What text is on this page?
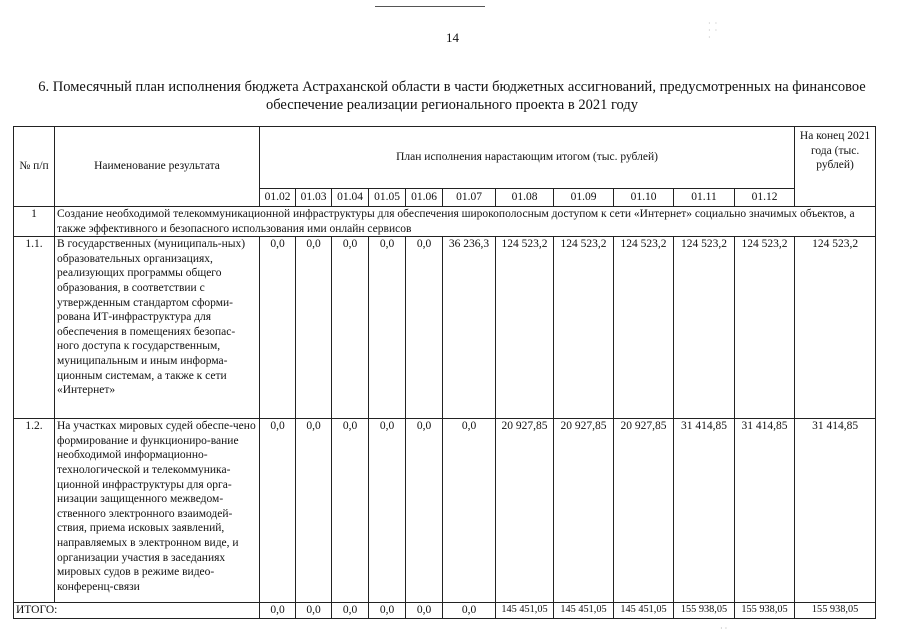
· ·
· ·
·
14
6. Помесячный план исполнения бюджета Астраханской области в части бюджетных ассигнований, предусмотренных на финансовое
обеспечение реализации регионального проекта в 2021 году
№ п/п	Наименование результата	План исполнения нарастающим итогом (тыс. рублей)											На конец 2021 года (тыс. рублей)
		01.02	01.03	01.04	01.05	01.06	01.07	01.08	01.09	01.10	01.11	01.12	
1	Создание необходимой телекоммуникационной инфраструктуры для обеспечения широкополосным доступом к сети «Интернет» социально значимых объектов, а также эффективного и безопасного использования ими онлайн сервисов												
1.1.	В государственных (муниципаль-ных) образовательных организациях, реализующих программы общего образования, в соответствии с утвержденным стандартом сформи-рована ИТ-инфраструктура для обеспечения в помещениях безопас-ного доступа к государственным, муниципальным и иным информа-ционным системам, а также к сети «Интернет»	0,0	0,0	0,0	0,0	0,0	36 236,3	124 523,2	124 523,2	124 523,2	124 523,2	124 523,2	124 523,2
1.2.	На участках мировых судей обеспе-чено формирование и функциониро-вание необходимой информационно-технологической и телекоммуника-ционной инфраструктуры для орга-низации защищенного межведом-ственного электронного взаимодей-ствия, приема исковых заявлений, направляемых в электронном виде, и организации участия в заседаниях мировых судов в режиме видео-конференц-связи	0,0	0,0	0,0	0,0	0,0	0,0	20 927,85	20 927,85	20 927,85	31 414,85	31 414,85	31 414,85
ИТОГО:		0,0	0,0	0,0	0,0	0,0	0,0	145 451,05	145 451,05	145 451,05	155 938,05	155 938,05	155 938,05
· ·
